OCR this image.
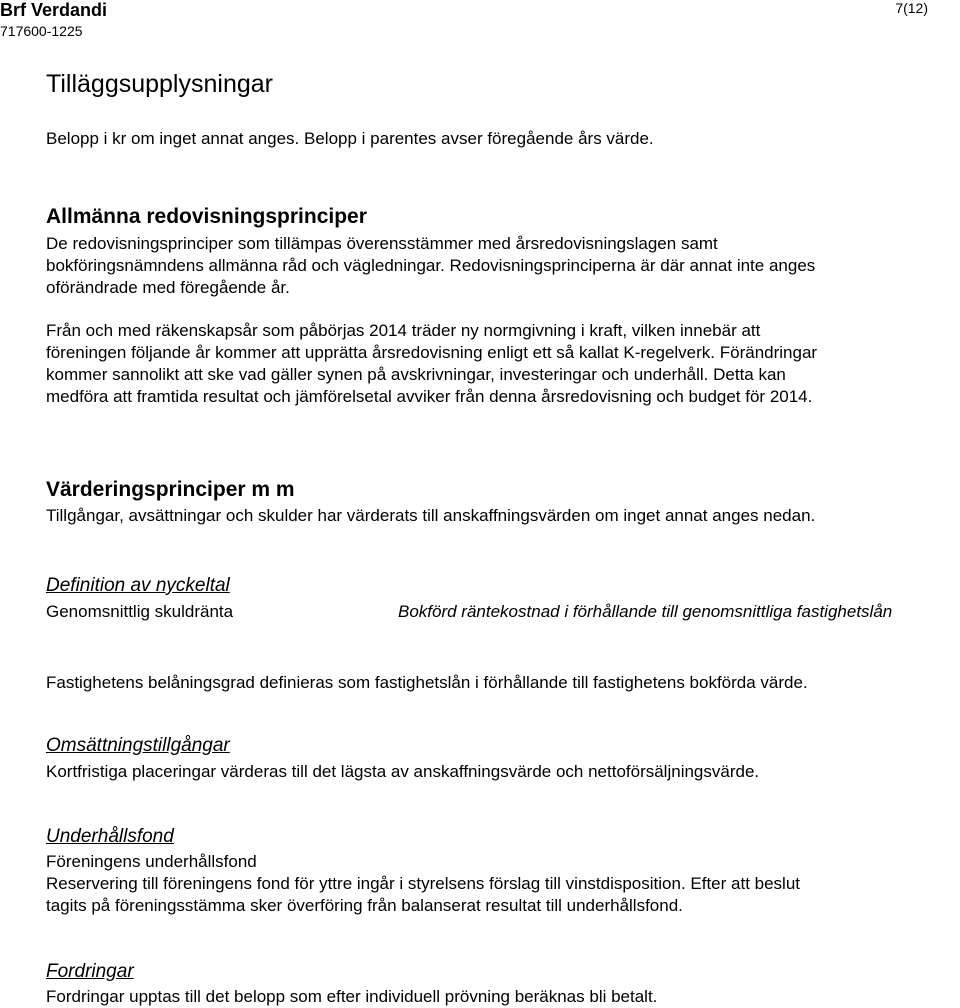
Brf Verdandi
717600-1225
7(12)
Tilläggsupplysningar
Belopp i kr om inget annat anges. Belopp i parentes avser föregående års värde.
Allmänna redovisningsprinciper
De redovisningsprinciper som tillämpas överensstämmer med årsredovisningslagen samt
bokföringsnämndens allmänna råd och vägledningar. Redovisningsprinciperna är där annat inte anges
oförändrade med föregående år.
Från och med räkenskapsår som påbörjas 2014 träder ny normgivning i kraft, vilken innebär att
föreningen följande år kommer att upprätta årsredovisning enligt ett så kallat K-regelverk. Förändringar
kommer sannolikt att ske vad gäller synen på avskrivningar, investeringar och underhåll. Detta kan
medföra att framtida resultat och jämförelsetal avviker från denna årsredovisning och budget för 2014.
Värderingsprinciper m m
Tillgångar, avsättningar och skulder har värderats till anskaffningsvärden om inget annat anges nedan.
Definition av nyckeltal
Genomsnittlig skuldränta	Bokförd räntekostnad i förhållande till genomsnittliga fastighetslån
Fastighetens belåningsgrad definieras som fastighetslån i förhållande till fastighetens bokförda värde.
Omsättningstillgångar
Kortfristiga placeringar värderas till det lägsta av anskaffningsvärde och nettoförsäljningsvärde.
Underhållsfond
Föreningens underhållsfond
Reservering till föreningens fond för yttre ingår i styrelsens förslag till vinstdisposition. Efter att beslut
tagits på föreningsstämma sker överföring från balanserat resultat till underhållsfond.
Fordringar
Fordringar upptas till det belopp som efter individuell prövning beräknas bli betalt.
